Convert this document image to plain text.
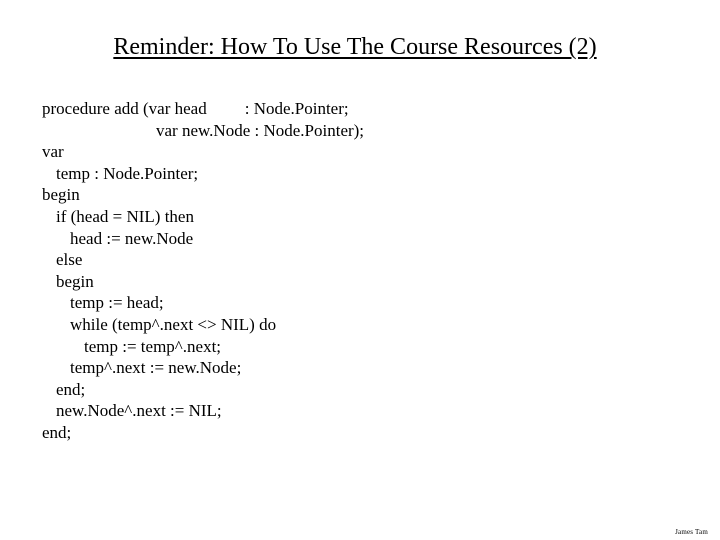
Reminder: How To Use The Course Resources (2)
procedure add (var head : Node.Pointer;
var new.Node : Node.Pointer);
var
temp : Node.Pointer;
begin
if (head = NIL) then
head := new.Node
else
begin
temp := head;
while (temp^.next <> NIL) do
temp := temp^.next;
temp^.next := new.Node;
end;
new.Node^.next := NIL;
end;
James Tam
